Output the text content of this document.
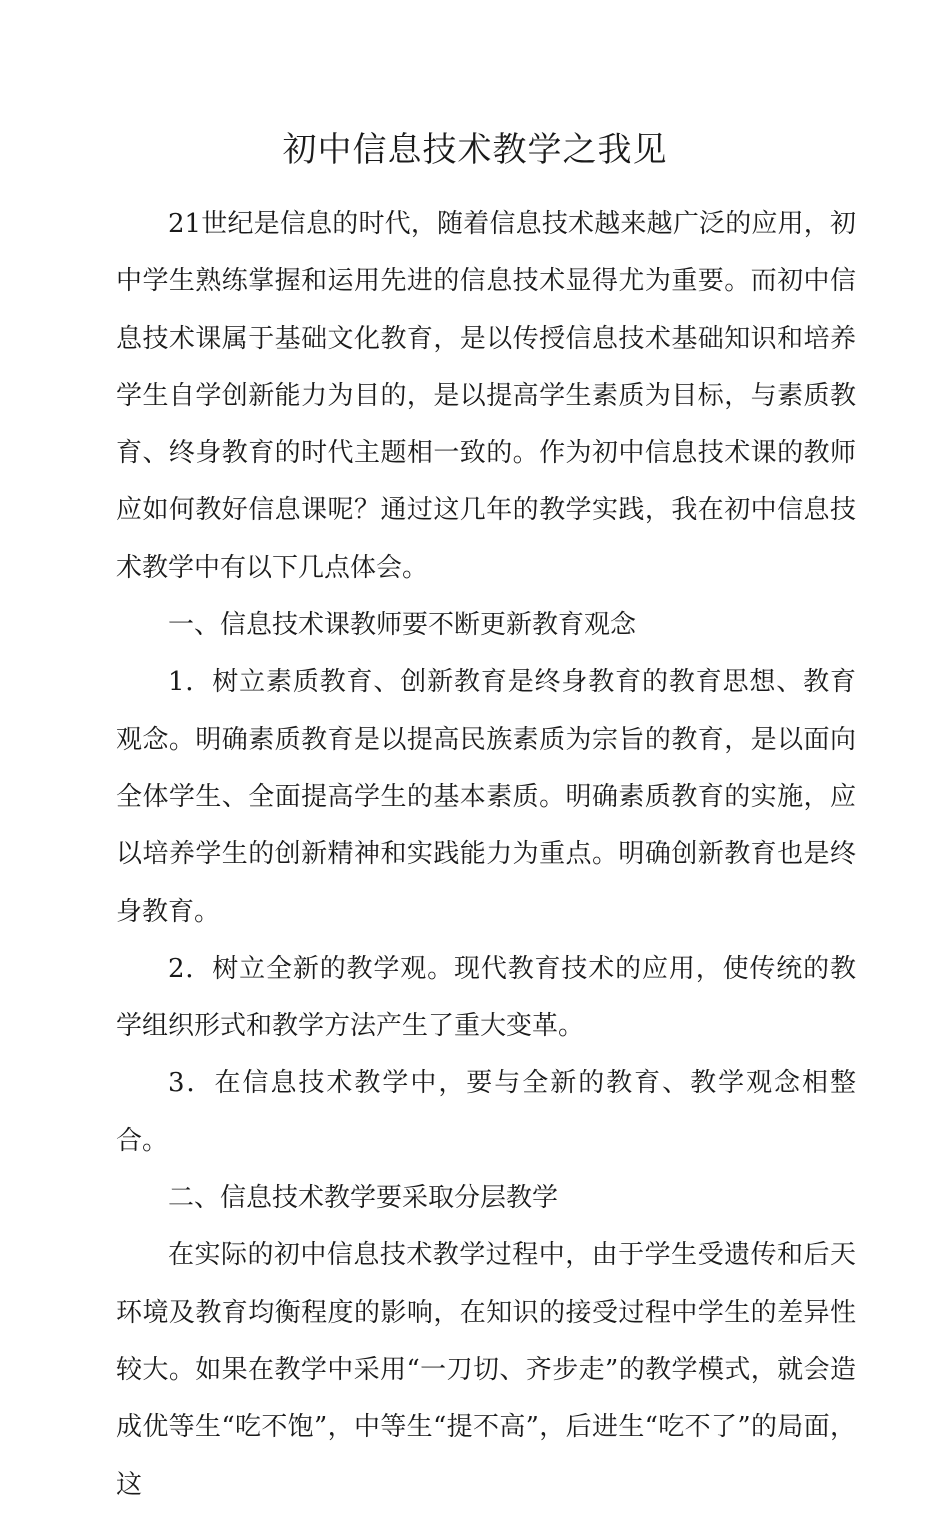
初中信息技术教学之我见

21世纪是信息的时代，随着信息技术越来越广泛的应用，初中学生熟练掌握和运用先进的信息技术显得尤为重要。而初中信息技术课属于基础文化教育，是以传授信息技术基础知识和培养学生自学创新能力为目的，是以提高学生素质为目标，与素质教育、终身教育的时代主题相一致的。作为初中信息技术课的教师应如何教好信息课呢？通过这几年的教学实践，我在初中信息技术教学中有以下几点体会。

一、信息技术课教师要不断更新教育观念

1．树立素质教育、创新教育是终身教育的教育思想、教育观念。明确素质教育是以提高民族素质为宗旨的教育，是以面向全体学生、全面提高学生的基本素质。明确素质教育的实施，应以培养学生的创新精神和实践能力为重点。明确创新教育也是终身教育。

2．树立全新的教学观。现代教育技术的应用，使传统的教学组织形式和教学方法产生了重大变革。

3．在信息技术教学中，要与全新的教育、教学观念相整合。

二、信息技术教学要采取分层教学

在实际的初中信息技术教学过程中，由于学生受遗传和后天环境及教育均衡程度的影响，在知识的接受过程中学生的差异性较大。如果在教学中采用“一刀切、齐步走”的教学模式，就会造成优等生“吃不饱”，中等生“提不高”，后进生“吃不了”的局面，这
